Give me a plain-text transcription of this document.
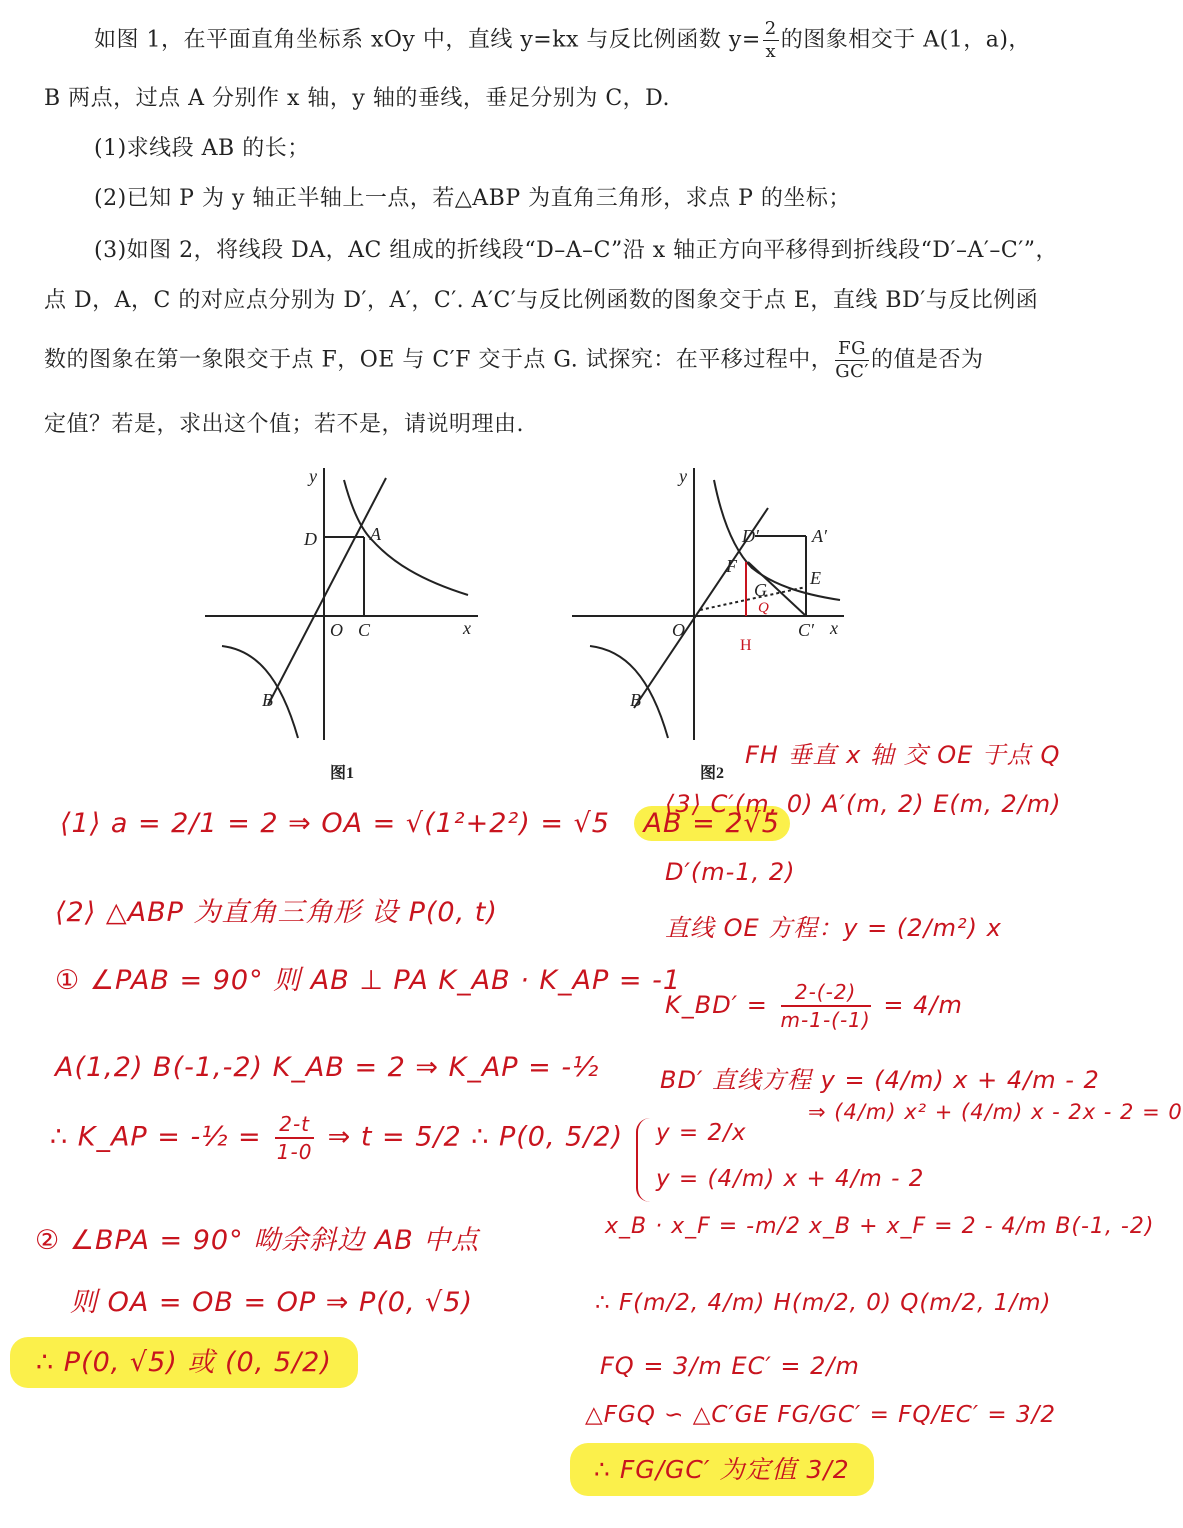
如图 1，在平面直角坐标系 xOy 中，直线 y=kx 与反比例函数 $y= \frac{2}{x}$ 的图象相交于 A(1，a)，
B 两点，过点 A 分别作 x 轴，y 轴的垂线，垂足分别为 C，D.
(1)求线段 AB 的长；
(2)已知 P 为 y 轴正半轴上一点，若△ABP 为直角三角形，求点 P 的坐标；
(3)如图 2，将线段 DA，AC 组成的折线段“D–A–C”沿 x 轴正方向平移得到折线段“D′–A′–C′”，
点 D，A，C 的对应点分别为 D′，A′，C′. A′C′与反比例函数的图象交于点 E，直线 BD′与反比例函
数的图象在第一象限交于点 F，OE 与 C′F 交于点 G. 试探究：在平移过程中， $\frac{FG}{GC'}$ 的值是否为
定值？若是，求出这个值；若不是，请说明理由.
y
x
D	A
O C
B
图1
y
x
D′	A′
F
G
E
Q
O
H
C′
B
图2
⟨1⟩ a = 2/1 = 2 ⇒ OA = √(1²+2²) = √5 AB = 2√5
⟨2⟩ △ABP 为直角三角形 设 P(0, t)
① ∠PAB = 90° 则 AB ⊥ PA K_AB · K_AP = -1
A(1,2) B(-1,-2) K_AB = 2 ⇒ K_AP = -½
∴ K_AP = -½ = $\frac{2-t}{1-0}$ ⇒ t = 5/2 ∴ P(0, 5/2)
② ∠BPA = 90° 呦余斜边 AB 中点
则 OA = OB = OP ⇒ P(0, √5)
∴ P(0, √5) 或 (0, 5/2)
FH 垂直 x 轴 交 OE 于点 Q
⟨3⟩ C′(m, 0) A′(m, 2) E(m, 2/m)
D′(m-1, 2)
直线 OE 方程：y = (2/m²) x
K_BD′ = $\frac{2-(-2)}{m-1-(-1)} = 4/m$
BD′ 直线方程 y = (4/m) x + 4/m - 2
y = 2/x
y = (4/m) x + 4/m - 2
⇒ (4/m) x² + (4/m) x - 2x - 2 = 0
x_B · x_F = -m/2 x_B + x_F = 2 - 4/m B(-1, -2)
∴ F(m/2, 4/m) H(m/2, 0) Q(m/2, 1/m)
FQ = 3/m EC′ = 2/m
△FGQ ∽ △C′GE FG/GC′ = FQ/EC′ = 3/2
∴ FG/GC′ 为定值 3/2
